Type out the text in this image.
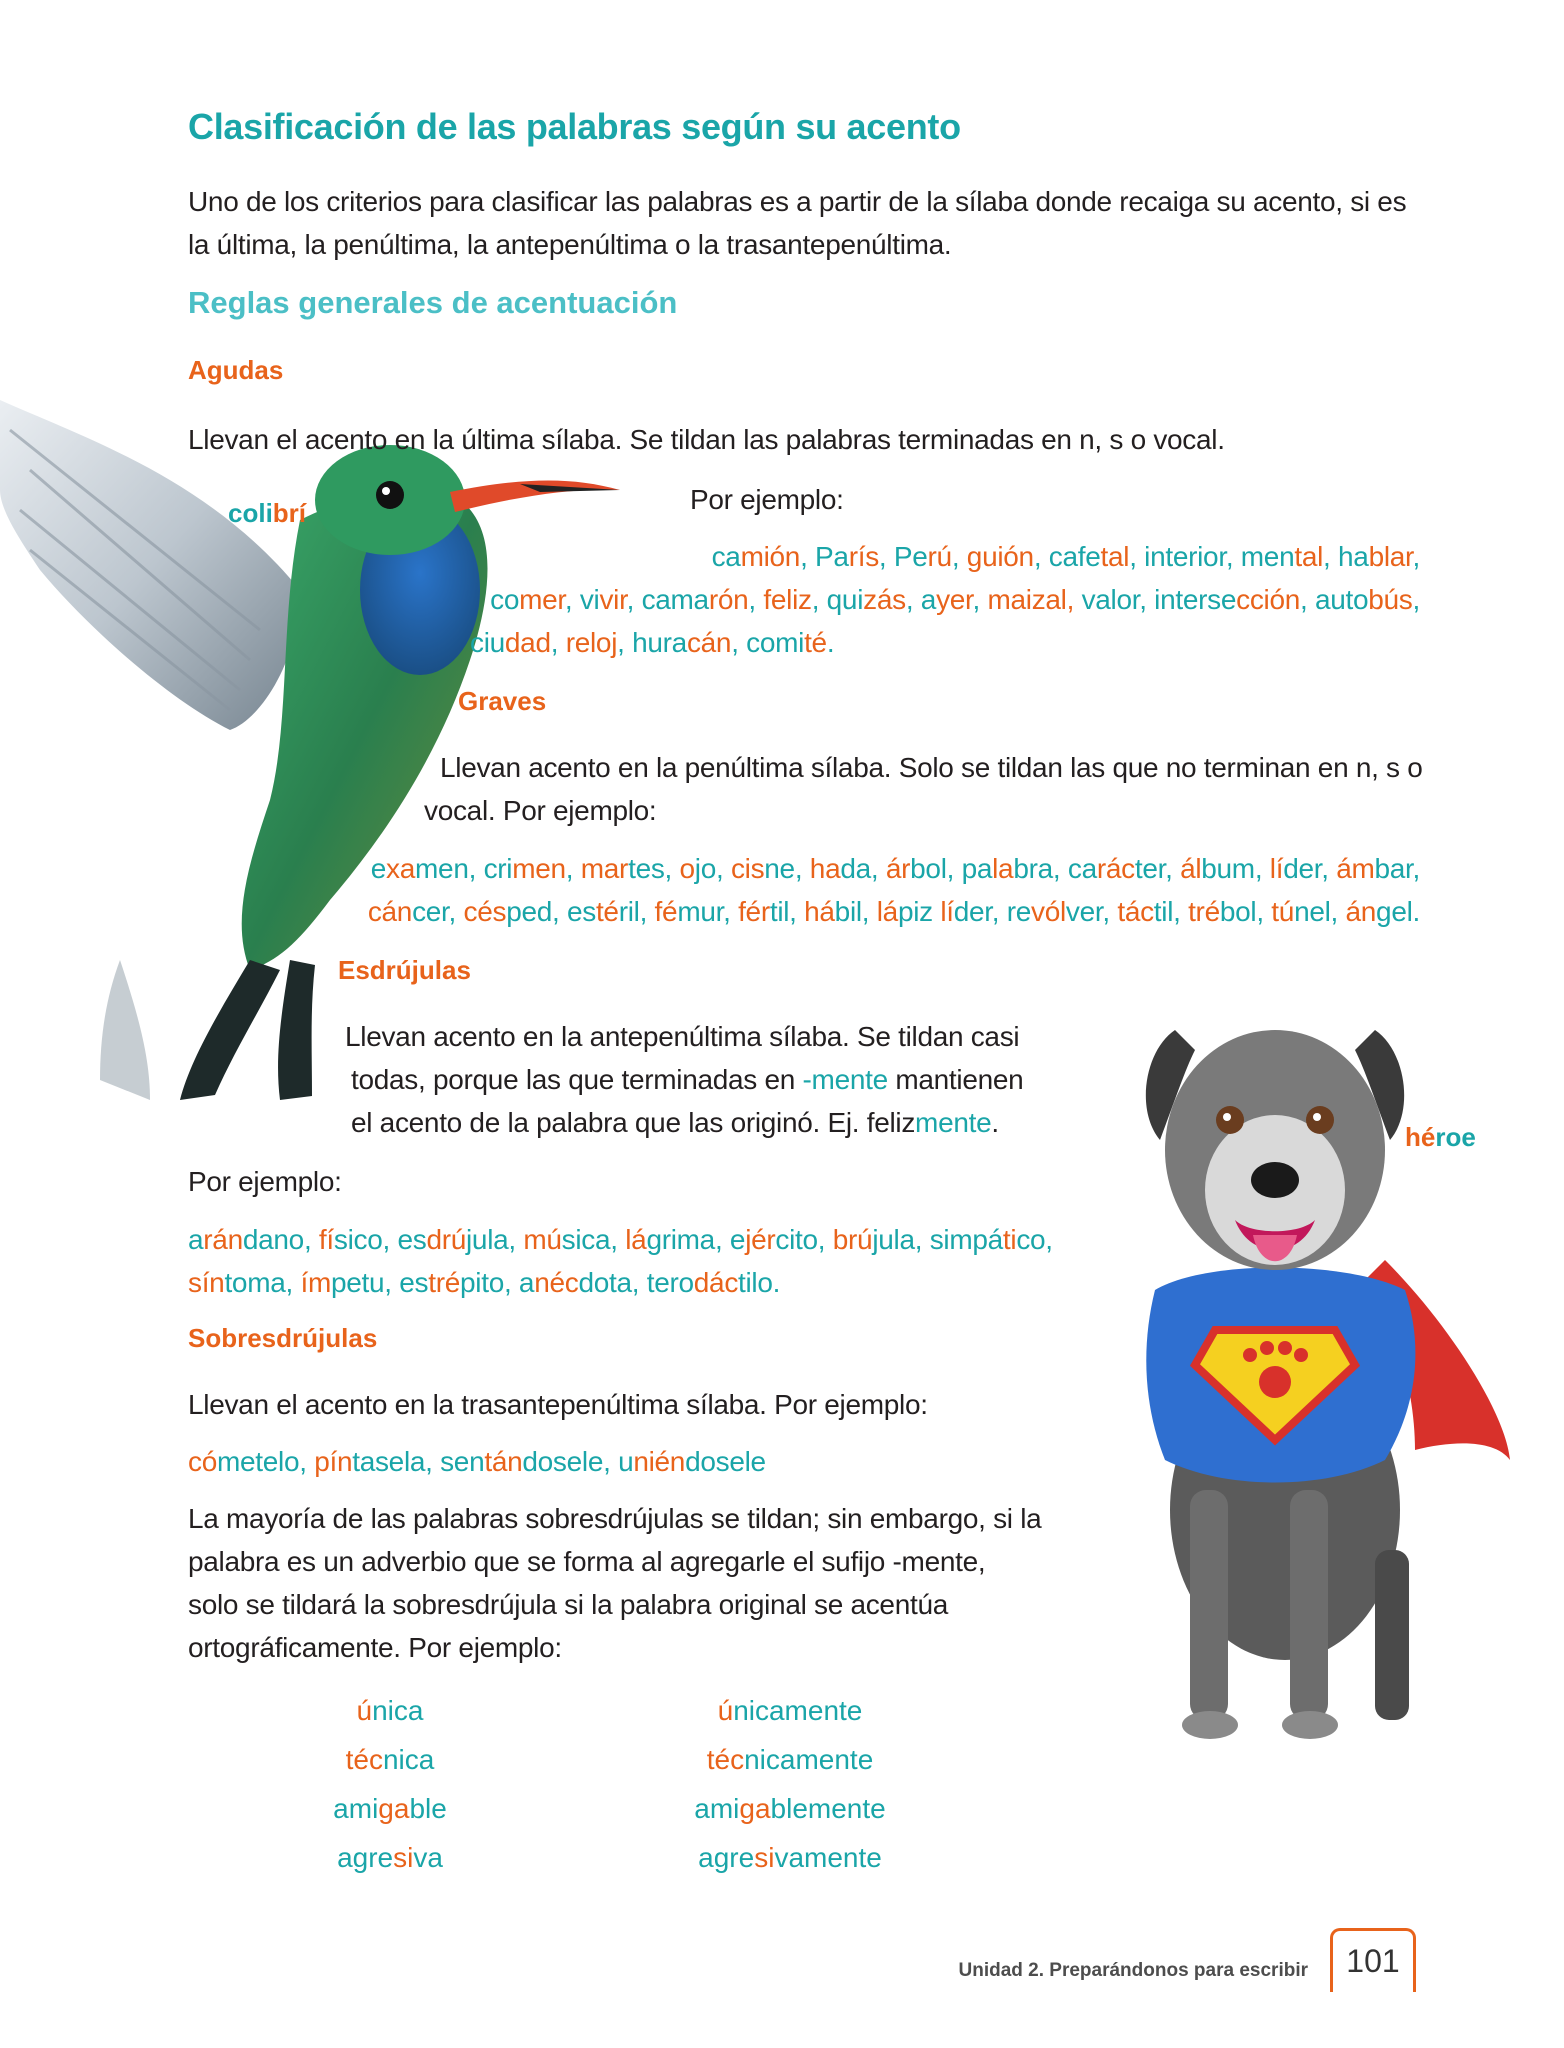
Clasificación de las palabras según su acento
Uno de los criterios para clasificar las palabras es a partir de la sílaba donde recaiga su acento, si es la última, la penúltima, la antepenúltima o la trasantepenúltima.
Reglas generales de acentuación
colibrí
Agudas
Llevan el acento en la última sílaba. Se tildan las palabras terminadas en n, s o vocal.
Por ejemplo:
camión, París, Perú, guión, cafetal, interior, mental, hablar,
comer, vivir, camarón, feliz, quizás, ayer, maizal, valor, intersección, autobús,
ciudad, reloj, huracán, comité.
Graves
Llevan acento en la penúltima sílaba. Solo se tildan las que no terminan en n, s o
vocal. Por ejemplo:
examen, crimen, martes, ojo, cisne, hada, árbol, palabra, carácter, álbum, líder, ámbar,
cáncer, césped, estéril, fémur, fértil, hábil, lápiz líder, revólver, táctil, trébol, túnel, ángel.
Esdrújulas
Llevan acento en la antepenúltima sílaba. Se tildan casi
todas, porque las que terminadas en -mente mantienen
el acento de la palabra que las originó. Ej. felizmente.
Por ejemplo:
arándano, físico, esdrújula, música, lágrima, ejército, brújula, simpático,
síntoma, ímpetu, estrépito, anécdota, terodáctilo.
Sobresdrújulas
Llevan el acento en la trasantepenúltima sílaba. Por ejemplo:
cómetelo, píntasela, sentándosele, uniéndosele
La mayoría de las palabras sobresdrújulas se tildan; sin embargo, si la
palabra es un adverbio que se forma al agregarle el sufijo -mente,
solo se tildará la sobresdrújula si la palabra original se acentúa
ortográficamente. Por ejemplo:
única
técnica
amigable
agresiva
únicamente
técnicamente
amigablemente
agresivamente
héroe
Unidad 2. Preparándonos para escribir	101
